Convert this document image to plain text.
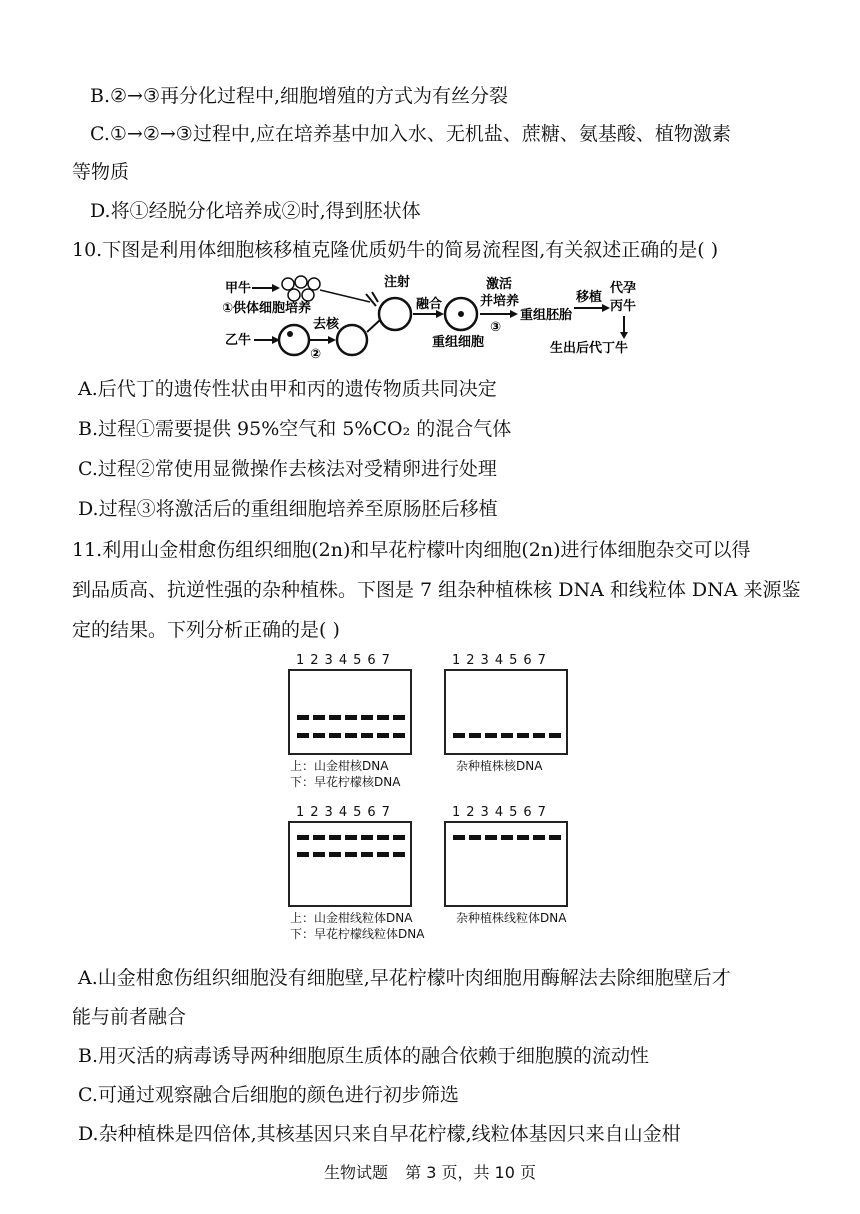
B.②→③再分化过程中,细胞增殖的方式为有丝分裂
C.①→②→③过程中,应在培养基中加入水、无机盐、蔗糖、氨基酸、植物激素
等物质
D.将①经脱分化培养成②时,得到胚状体
10.下图是利用体细胞核移植克隆优质奶牛的简易流程图,有关叙述正确的是( )
甲牛
①供体细胞培养
乙牛
去核
②
注射
融合
重组细胞
激活
并培养
③
重组胚胎
移植
代孕
丙牛
生出后代丁牛
A.后代丁的遗传性状由甲和丙的遗传物质共同决定
B.过程①需要提供 95%空气和 5%CO₂ 的混合气体
C.过程②常使用显微操作去核法对受精卵进行处理
D.过程③将激活后的重组细胞培养至原肠胚后移植
11.利用山金柑愈伤组织细胞(2n)和早花柠檬叶肉细胞(2n)进行体细胞杂交可以得
到品质高、抗逆性强的杂种植株。下图是 7 组杂种植株核 DNA 和线粒体 DNA 来源鉴
定的结果。下列分析正确的是( )
1234567
上：山金柑核DNA
下：早花柠檬核DNA
1234567
杂种植株核DNA
1234567
上：山金柑线粒体DNA
下：早花柠檬线粒体DNA
1234567
杂种植株线粒体DNA
A.山金柑愈伤组织细胞没有细胞壁,早花柠檬叶肉细胞用酶解法去除细胞壁后才
能与前者融合
B.用灭活的病毒诱导两种细胞原生质体的融合依赖于细胞膜的流动性
C.可通过观察融合后细胞的颜色进行初步筛选
D.杂种植株是四倍体,其核基因只来自早花柠檬,线粒体基因只来自山金柑
生物试题 第 3 页，共 10 页
